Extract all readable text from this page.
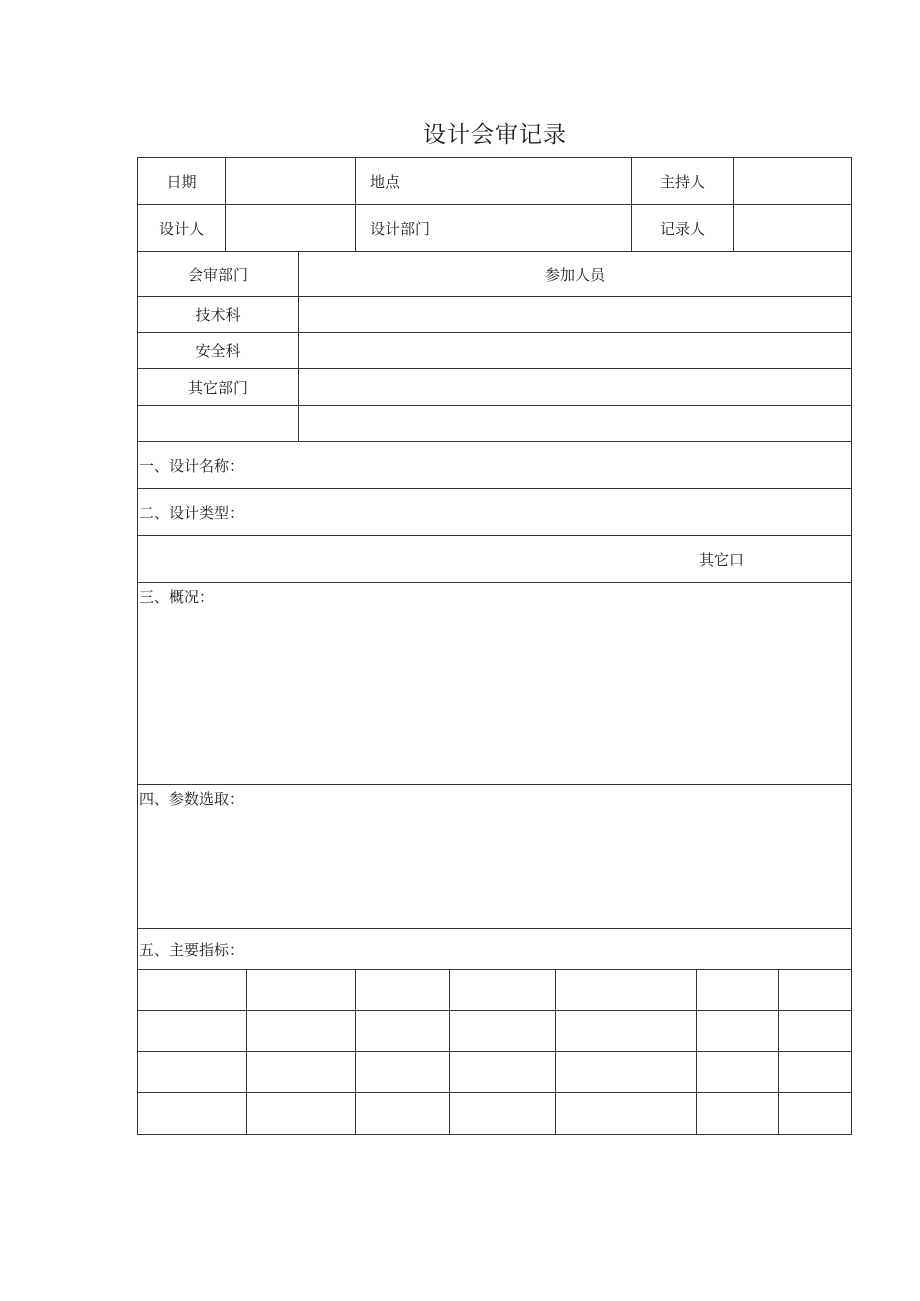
设计会审记录
日期		地点	主持人	
设计人		设计部门	记录人	
会审部门	参加人员
技术科	
安全科	
其它部门	

一、设计名称：
二、设计类型：
其它口
三、概况：
四、参数选取：
五、主要指标：
